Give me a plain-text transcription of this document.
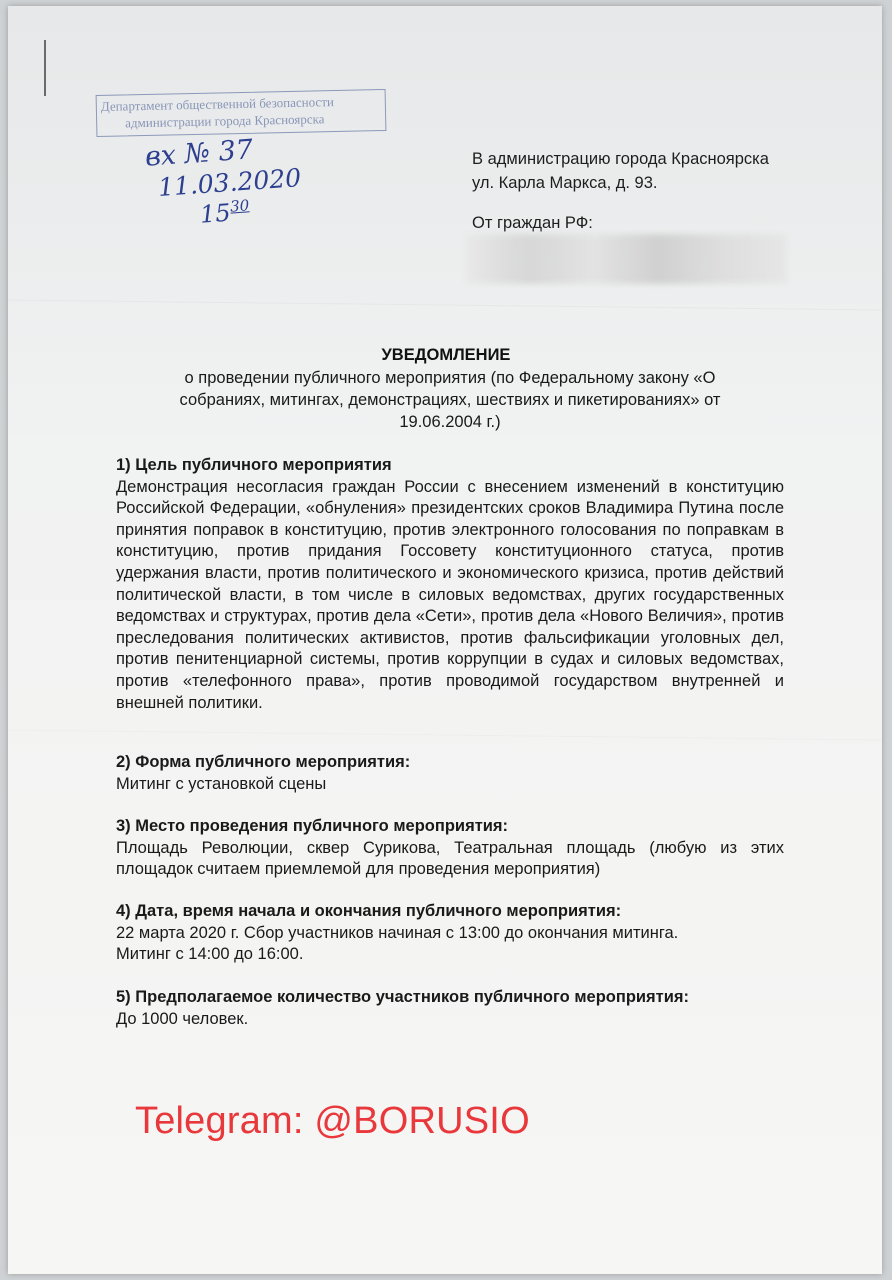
Департамент общественной безопасности
администрации города Красноярска
вх № 37
11.03.2020
$15^{30}$
В администрацию города Красноярска
ул. Карла Маркса, д. 93.
От граждан РФ:
УВЕДОМЛЕНИЕ
о проведении публичного мероприятия (по Федеральному закону «О собраниях, митингах, демонстрациях, шествиях и пикетированиях» от 19.06.2004 г.)
1) Цель публичного мероприятия
Демонстрация несогласия граждан России с внесением изменений в конституцию Российской Федерации, «обнуления» президентских сроков Владимира Путина после принятия поправок в конституцию, против электронного голосования по поправкам в конституцию, против придания Госсовету конституционного статуса, против удержания власти, против политического и экономического кризиса, против действий политической власти, в том числе в силовых ведомствах, других государственных ведомствах и структурах, против дела «Сети», против дела «Нового Величия», против преследования политических активистов, против фальсификации уголовных дел, против пенитенциарной системы, против коррупции в судах и силовых ведомствах, против «телефонного права», против проводимой государством внутренней и внешней политики.
2) Форма публичного мероприятия:
Митинг с установкой сцены
3) Место проведения публичного мероприятия:
Площадь Революции, сквер Сурикова, Театральная площадь (любую из этих площадок считаем приемлемой для проведения мероприятия)
4) Дата, время начала и окончания публичного мероприятия:
22 марта 2020 г. Сбор участников начиная с 13:00 до окончания митинга.
Митинг с 14:00 до 16:00.
5) Предполагаемое количество участников публичного мероприятия:
До 1000 человек.
Telegram: @BORUSIO
